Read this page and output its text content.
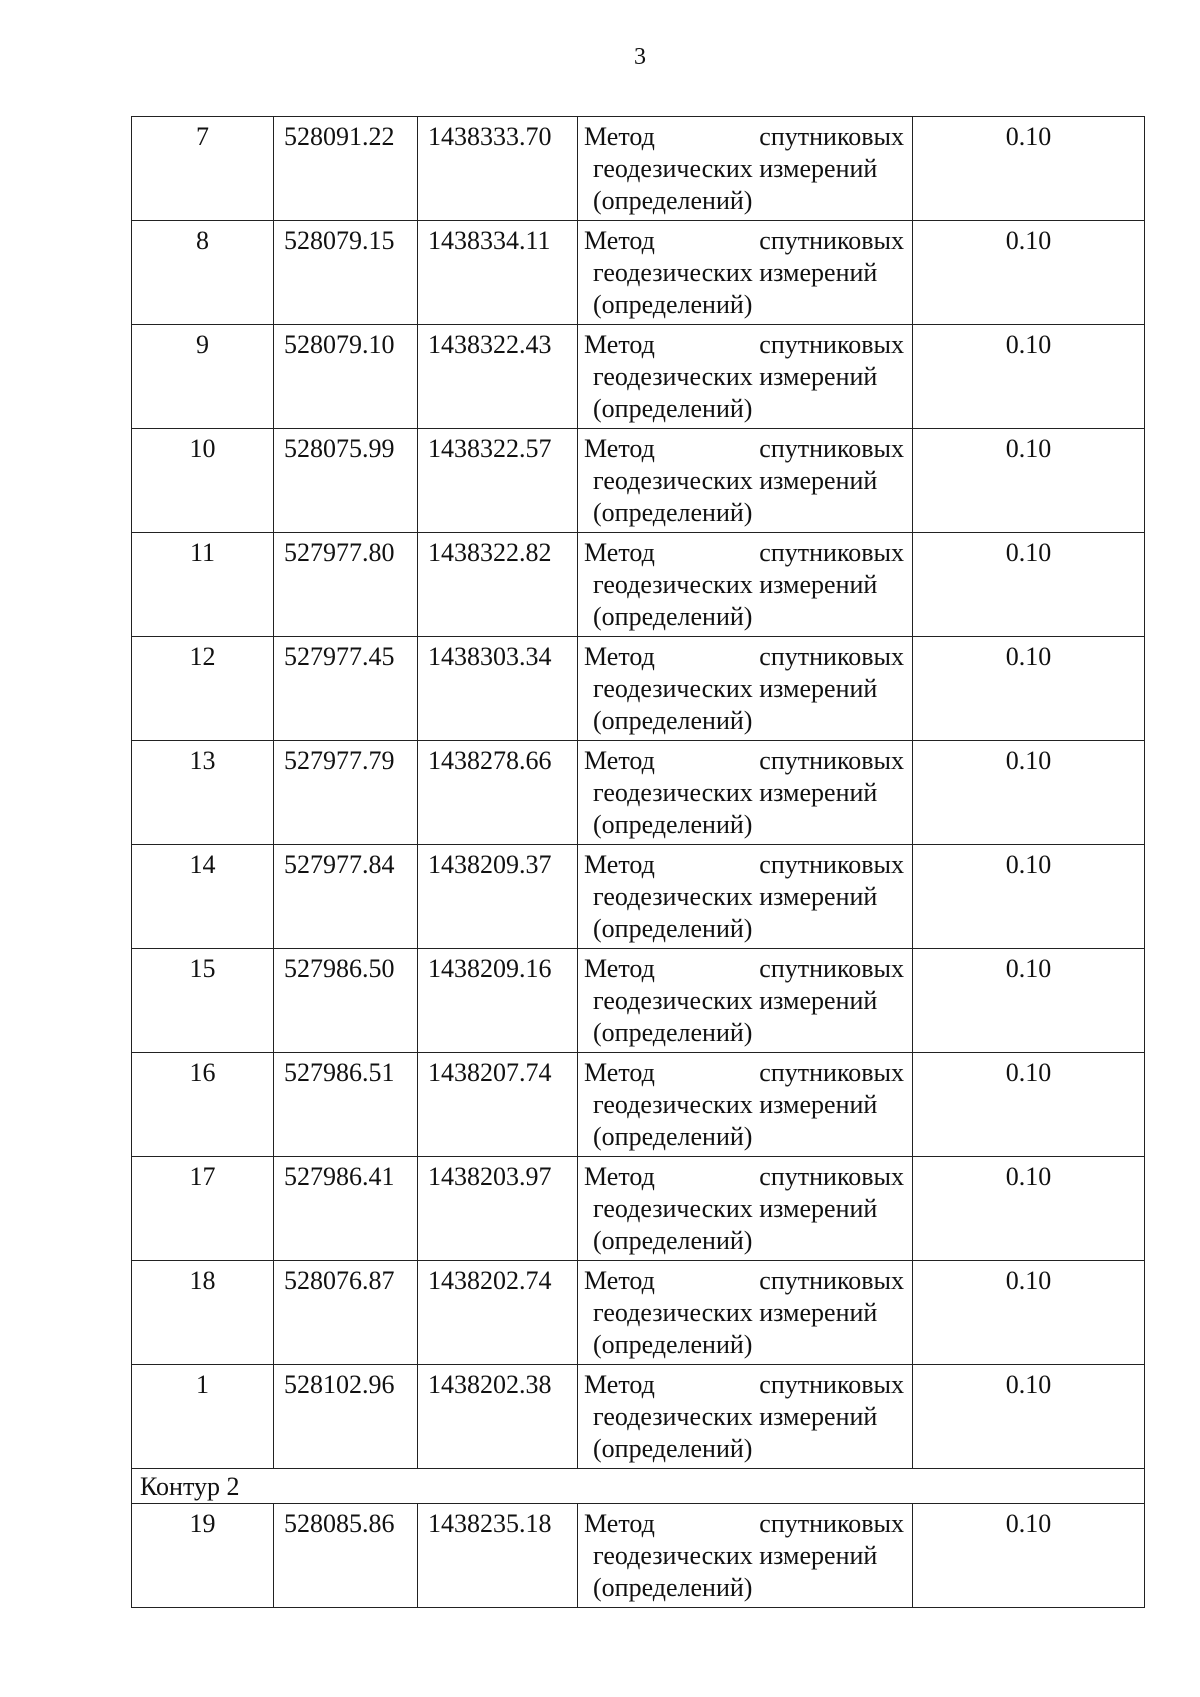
3
7	528091.22	1438333.70	Метод спутниковых
геодезических измерений
(определений)	0.10
8	528079.15	1438334.11	Метод спутниковых
геодезических измерений
(определений)	0.10
9	528079.10	1438322.43	Метод спутниковых
геодезических измерений
(определений)	0.10
10	528075.99	1438322.57	Метод спутниковых
геодезических измерений
(определений)	0.10
11	527977.80	1438322.82	Метод спутниковых
геодезических измерений
(определений)	0.10
12	527977.45	1438303.34	Метод спутниковых
геодезических измерений
(определений)	0.10
13	527977.79	1438278.66	Метод спутниковых
геодезических измерений
(определений)	0.10
14	527977.84	1438209.37	Метод спутниковых
геодезических измерений
(определений)	0.10
15	527986.50	1438209.16	Метод спутниковых
геодезических измерений
(определений)	0.10
16	527986.51	1438207.74	Метод спутниковых
геодезических измерений
(определений)	0.10
17	527986.41	1438203.97	Метод спутниковых
геодезических измерений
(определений)	0.10
18	528076.87	1438202.74	Метод спутниковых
геодезических измерений
(определений)	0.10
1	528102.96	1438202.38	Метод спутниковых
геодезических измерений
(определений)	0.10
Контур 2				
19	528085.86	1438235.18	Метод спутниковых
геодезических измерений
(определений)	0.10
